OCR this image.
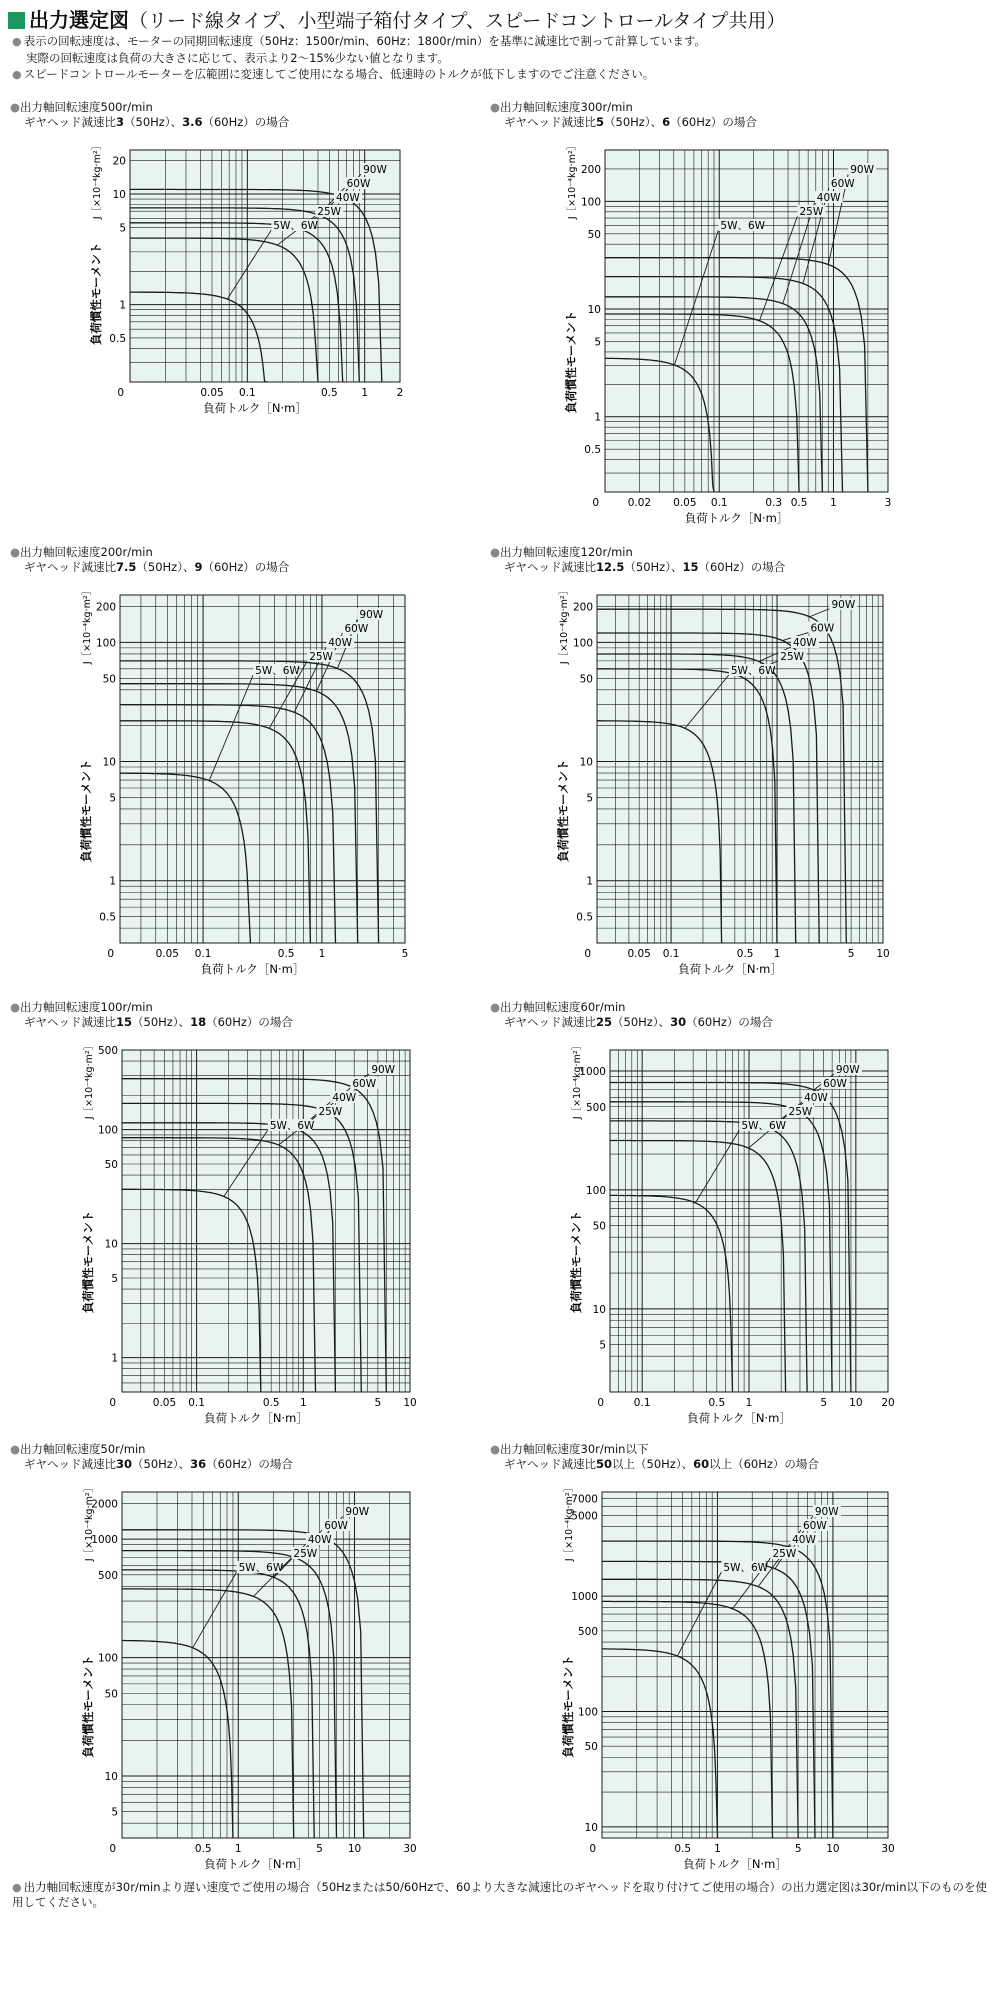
出力選定図（リード線タイプ、小型端子箱付タイプ、スピードコントロールタイプ共用）
● 表示の回転速度は、モーターの同期回転速度（50Hz：1500r/min、60Hz：1800r/min）を基準に減速比で割って計算しています。
実際の回転速度は負荷の大きさに応じて、表示より2～15%少ない値となります。
● スピードコントロールモーターを広範囲に変速してご使用になる場合、低速時のトルクが低下しますのでご注意ください。
0.05 0.1	0.5 1	2
0.5
1
5
10
20
0
負荷トルク［N·m］
負荷慣性モーメント
J［×10⁻⁴kg·m²］	90W
60W
40W
25W
5W、6W
0.02 0.05 0.1	0.3 0.5 1	3
0.5
1
5
10
50
100
200
0
負荷トルク［N·m］
負荷慣性モーメント
J［×10⁻⁴kg·m²］	90W
60W
40W
25W
5W、6W
0.05 0.1	0.5 1	5
0.5
1
5
10
50
100
200
0
負荷トルク［N·m］
負荷慣性モーメント
J［×10⁻⁴kg·m²］	90W
60W
40W
25W
5W、6W
0.05 0.1	0.5 1	5 10
0.5
1
5
10
50
100
200
0
負荷トルク［N·m］
負荷慣性モーメント
J［×10⁻⁴kg·m²］	90W
60W
40W
25W
5W、6W
0.05 0.1	0.5 1	5 10
1
5
10
50
100
500
0
負荷トルク［N·m］
負荷慣性モーメント
J［×10⁻⁴kg·m²］	90W
60W
40W
25W
5W、6W
0.1	0.5 1	5 10 20
5
10
50
100
500
1000
0
負荷トルク［N·m］
負荷慣性モーメント
J［×10⁻⁴kg·m²］	90W
60W
40W
25W
5W、6W
0.5 1	5 10	30
5
10
50
100
500
1000
2000
0
負荷トルク［N·m］
負荷慣性モーメント
J［×10⁻⁴kg·m²］	90W
60W
40W
25W
5W、6W
0.5 1	5 10	30
10
50
100
500
1000
5000
7000
0
負荷トルク［N·m］
負荷慣性モーメント
J［×10⁻⁴kg·m²］	90W
60W
40W
25W
5W、6W
●出力軸回転速度500r/min
ギヤヘッド減速比3（50Hz）、3.6（60Hz）の場合
●出力軸回転速度300r/min
ギヤヘッド減速比5（50Hz）、6（60Hz）の場合
●出力軸回転速度200r/min
ギヤヘッド減速比7.5（50Hz）、9（60Hz）の場合
●出力軸回転速度120r/min
ギヤヘッド減速比12.5（50Hz）、15（60Hz）の場合
●出力軸回転速度100r/min
ギヤヘッド減速比15（50Hz）、18（60Hz）の場合
●出力軸回転速度60r/min
ギヤヘッド減速比25（50Hz）、30（60Hz）の場合
●出力軸回転速度50r/min
ギヤヘッド減速比30（50Hz）、36（60Hz）の場合
●出力軸回転速度30r/min以下
ギヤヘッド減速比50以上（50Hz）、60以上（60Hz）の場合
● 出力軸回転速度が30r/minより遅い速度でご使用の場合（50Hzまたは50/60Hzで、60より大きな減速比のギヤヘッドを取り付けてご使用の場合）の出力選定図は30r/min以下のものを使用してください。
